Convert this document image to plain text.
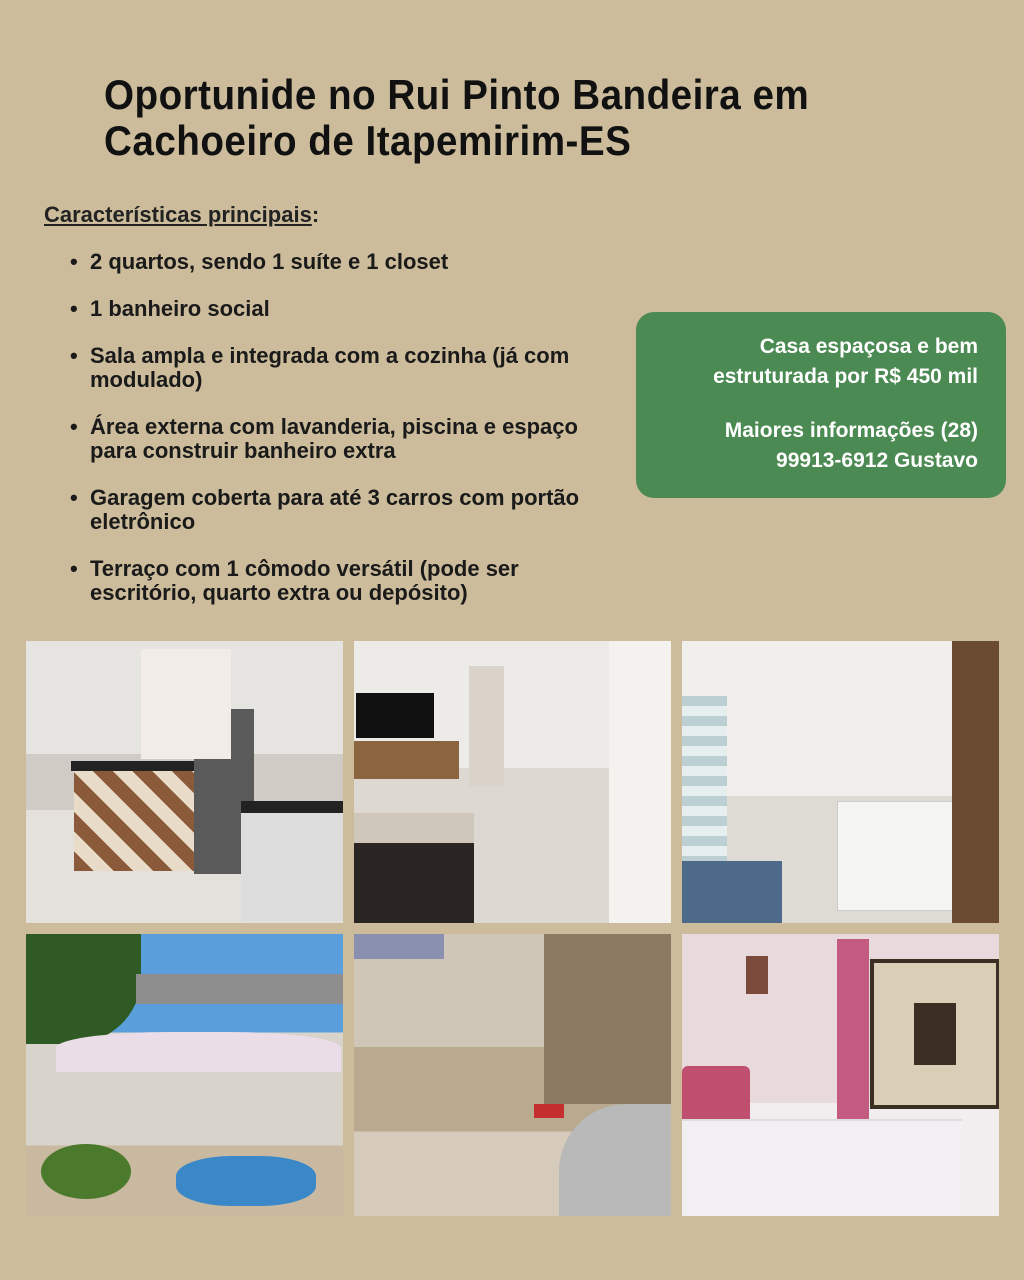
Oportunide no Rui Pinto Bandeira em Cachoeiro de Itapemirim-ES
Características principais:
• 2 quartos, sendo 1 suíte e 1 closet
• 1 banheiro social
• Sala ampla e integrada com a cozinha (já com modulado)
• Área externa com lavanderia, piscina e espaço para construir banheiro extra
• Garagem coberta para até 3 carros com portão eletrônico
• Terraço com 1 cômodo versátil (pode ser escritório, quarto extra ou depósito)

Casa espaçosa e bem estruturada por R$ 450 mil

Maiores informações (28) 99913-6912 Gustavo
